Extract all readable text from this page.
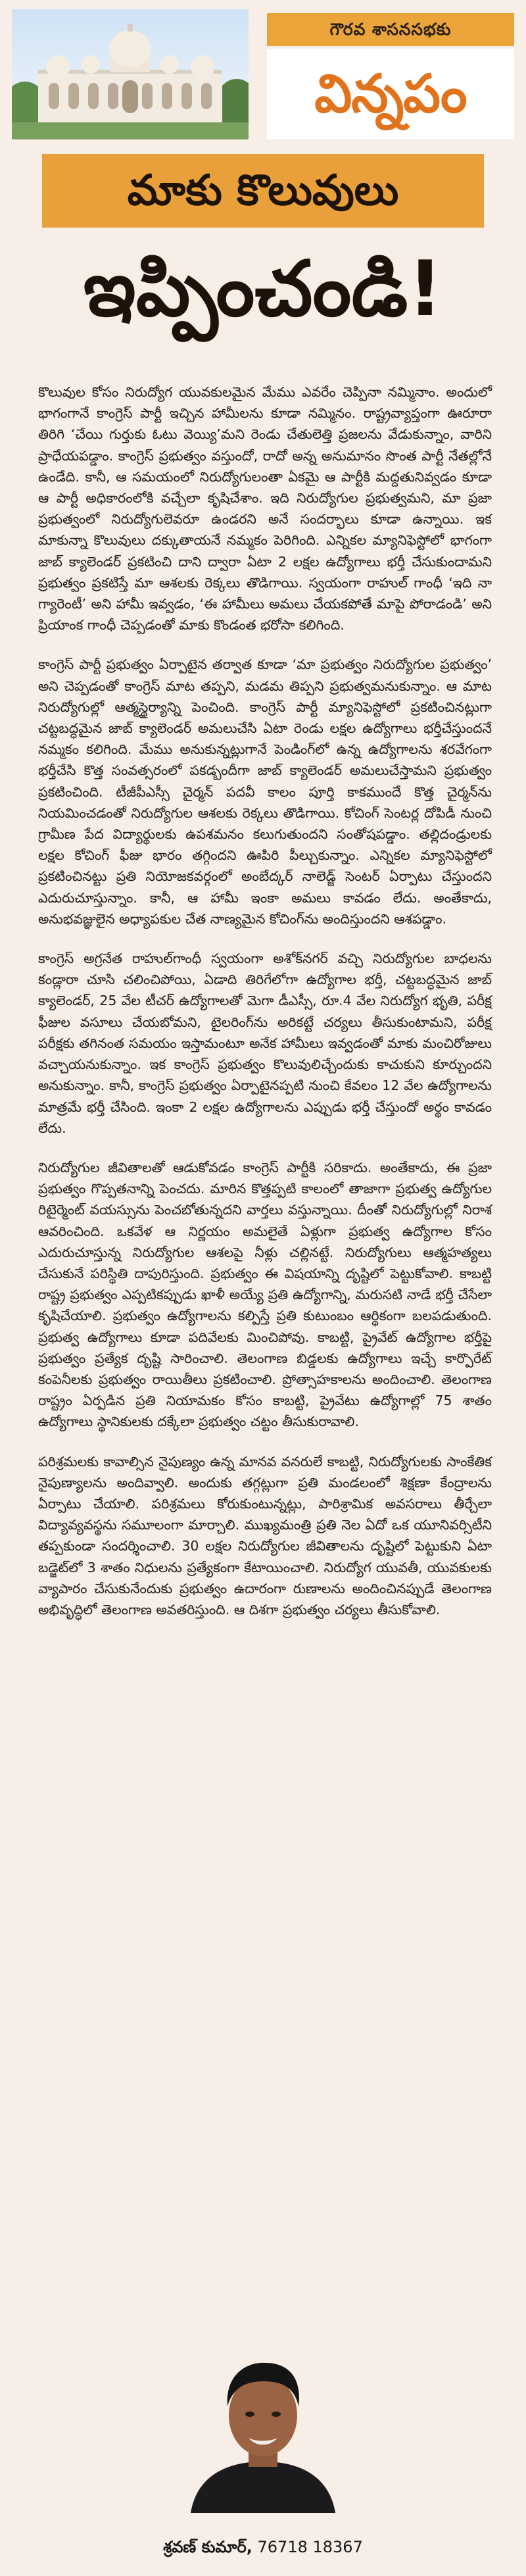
గౌరవ శాసనసభకు
విన్నపం
మాకు కొలువులు
ఇప్పించండి!

కొలువుల కోసం నిరుద్యోగ యువకులమైన మేము ఎవరేం చెప్పినా నమ్మినాం. అందులో భాగంగానే కాంగ్రెస్ పార్టీ ఇచ్చిన హామీలను కూడా నమ్మినం. రాష్ట్రవ్యాప్తంగా ఊరూరా తిరిగి ‘చేయి గుర్తుకు ఓటు వెయ్యి’మని రెండు చేతులెత్తి ప్రజలను వేడుకున్నాం, వారిని ప్రాధేయపడ్డాం. కాంగ్రెస్ ప్రభుత్వం వస్తుందో, రాదో అన్న అనుమానం సొంత పార్టీ నేతల్లోనే ఉండేది. కానీ, ఆ సమయంలో నిరుద్యోగులంతా ఏకమై ఆ పార్టీకి మద్దతునివ్వడం కూడా ఆ పార్టీ అధికారంలోకి వచ్చేలా కృషిచేశాం. ఇది నిరుద్యోగుల ప్రభుత్వమని, మా ప్రజా ప్రభుత్వంలో నిరుద్యోగులెవరూ ఉండరని అనే సందర్భాలు కూడా ఉన్నాయి. ఇక మాకున్నా కొలువులు దక్కుతాయనే నమ్మకం పెరిగింది. ఎన్నికల మ్యానిఫెస్టోలో భాగంగా జాబ్ క్యాలెండర్ ప్రకటించి దాని ద్వారా ఏటా 2 లక్షల ఉద్యోగాలు భర్తీ చేసుకుందామని ప్రభుత్వం ప్రకటిస్తే మా ఆశలకు రెక్కలు తొడిగాయి. స్వయంగా రాహుల్ గాంధీ ‘ఇది నా గ్యారెంటీ’ అని హామీ ఇవ్వడం, ‘ఈ హామీలు అమలు చేయకపోతే మాపై పోరాడండి’ అని ప్రియాంక గాంధీ చెప్పడంతో మాకు కొండంత భరోసా కలిగింది.

కాంగ్రెస్ పార్టీ ప్రభుత్వం ఏర్పాటైన తర్వాత కూడా ‘మా ప్రభుత్వం నిరుద్యోగుల ప్రభుత్వం’ అని చెప్పడంతో కాంగ్రెస్ మాట తప్పని, మడమ తిప్పని ప్రభుత్వమనుకున్నాం. ఆ మాట నిరుద్యోగుల్లో ఆత్మస్థైర్యాన్ని పెంచింది. కాంగ్రెస్ పార్టీ మ్యానిఫెస్టోలో ప్రకటించినట్లుగా చట్టబద్ధమైన జాబ్ క్యాలెండర్ అమలుచేసి ఏటా రెండు లక్షల ఉద్యోగాలు భర్తీచేస్తుందనే నమ్మకం కలిగింది. మేము అనుకున్నట్లుగానే పెండింగ్‌లో ఉన్న ఉద్యోగాలను శరవేగంగా భర్తీచేసి కొత్త సంవత్సరంలో పకడ్బందీగా జాబ్ క్యాలెండర్ అమలుచేస్తామని ప్రభుత్వం ప్రకటించింది. టీజీపీఎస్సీ చైర్మన్ పదవీ కాలం పూర్తి కాకముందే కొత్త చైర్మన్‌ను నియమించడంతో నిరుద్యోగుల ఆశలకు రెక్కలు తొడిగాయి. కోచింగ్ సెంటర్ల దోపిడీ నుంచి గ్రామీణ పేద విద్యార్థులకు ఉపశమనం కలుగుతుందని సంతోషపడ్డాం. తల్లిదండ్రులకు లక్షల కోచింగ్ ఫీజు భారం తగ్గిందని ఊపిరి పీల్చుకున్నాం. ఎన్నికల మ్యానిఫెస్టోలో ప్రకటించినట్టు ప్రతి నియోజకవర్గంలో అంబేద్కర్ నాలెడ్జ్ సెంటర్ ఏర్పాటు చేస్తుందని ఎదురుచూస్తున్నాం. కానీ, ఆ హామీ ఇంకా అమలు కావడం లేదు. అంతేకాదు, అనుభవజ్ఞులైన అధ్యాపకుల చేత నాణ్యమైన కోచింగ్‌ను అందిస్తుందని ఆశపడ్డాం.

కాంగ్రెస్ అగ్రనేత రాహుల్‌గాంధీ స్వయంగా అశోక్‌నగర్ వచ్చి నిరుద్యోగుల బాధలను కండ్లారా చూసి చలించిపోయి, ఏడాది తిరిగేలోగా ఉద్యోగాల భర్తీ, చట్టబద్ధమైన జాబ్ క్యాలెండర్, 25 వేల టీచర్ ఉద్యోగాలతో మెగా డీఎస్సీ, రూ.4 వేల నిరుద్యోగ భృతి, పరీక్ష ఫీజుల వసూలు చేయబోమని, టైలరింగ్‌ను అరికట్టే చర్యలు తీసుకుంటామని, పరీక్ష పరీక్షకు తగినంత సమయం ఇస్తామంటూ అనేక హామీలు ఇవ్వడంతో మాకు మంచిరోజులు వచ్చాయనుకున్నాం. ఇక కాంగ్రెస్ ప్రభుత్వం కొలువులిచ్చేందుకు కాచుకుని కూర్చుందని అనుకున్నాం. కానీ, కాంగ్రెస్ ప్రభుత్వం ఏర్పాటైనప్పటి నుంచి కేవలం 12 వేల ఉద్యోగాలను మాత్రమే భర్తీ చేసింది. ఇంకా 2 లక్షల ఉద్యోగాలను ఎప్పుడు భర్తీ చేస్తుందో అర్థం కావడం లేదు.

నిరుద్యోగుల జీవితాలతో ఆడుకోవడం కాంగ్రెస్ పార్టీకి సరికాదు. అంతేకాదు, ఈ ప్రజా ప్రభుత్వం గొప్పతనాన్ని పెంచదు. మారిన కొత్తప్పటి కాలంలో తాజాగా ప్రభుత్వ ఉద్యోగుల రిటైర్మెంట్ వయస్సును పెంచబోతున్నదని వార్తలు వస్తున్నాయి. దీంతో నిరుద్యోగుల్లో నిరాశ ఆవరించింది. ఒకవేళ ఆ నిర్ణయం అమలైతే ఏళ్లుగా ప్రభుత్వ ఉద్యోగాల కోసం ఎదురుచూస్తున్న నిరుద్యోగుల ఆశలపై నీళ్లు చల్లినట్టే. నిరుద్యోగులు ఆత్మహత్యలు చేసుకునే పరిస్థితి దాపురిస్తుంది. ప్రభుత్వం ఈ విషయాన్ని దృష్టిలో పెట్టుకోవాలి. కాబట్టి రాష్ట్ర ప్రభుత్వం ఎప్పటికప్పుడు ఖాళీ అయ్యే ప్రతి ఉద్యోగాన్ని, మరుసటి నాడే భర్తీ చేసేలా కృషిచేయాలి. ప్రభుత్వం ఉద్యోగాలను కల్పిస్తే ప్రతి కుటుంబం ఆర్థికంగా బలపడుతుంది. ప్రభుత్వ ఉద్యోగాలు కూడా పదివేలకు మించిపోవు. కాబట్టి, ప్రైవేట్ ఉద్యోగాల భర్తీపై ప్రభుత్వం ప్రత్యేక దృష్టి సారించాలి. తెలంగాణ బిడ్డలకు ఉద్యోగాలు ఇచ్చే కార్పొరేట్ కంపెనీలకు ప్రభుత్వం రాయితీలు ప్రకటించాలి. ప్రోత్సాహకాలను అందించాలి. తెలంగాణ రాష్ట్రం ఏర్పడిన ప్రతి నియామకం కోసం కాబట్టి, ప్రైవేటు ఉద్యోగాల్లో 75 శాతం ఉద్యోగాలు స్థానికులకు దక్కేలా ప్రభుత్వం చట్టం తీసుకురావాలి.

పరిశ్రమలకు కావాల్సిన నైపుణ్యం ఉన్న మానవ వనరులే కాబట్టి, నిరుద్యోగులకు సాంకేతిక నైపుణ్యాలను అందివ్వాలి. అందుకు తగ్గట్లుగా ప్రతి మండలంలో శిక్షణా కేంద్రాలను ఏర్పాటు చేయాలి. పరిశ్రమలు కోరుకుంటున్నట్లు, పారిశ్రామిక అవసరాలు తీర్చేలా విద్యావ్యవస్థను సమూలంగా మార్చాలి. ముఖ్యమంత్రి ప్రతి నెల ఏదో ఒక యూనివర్సిటీని తప్పకుండా సందర్శించాలి. 30 లక్షల నిరుద్యోగుల జీవితాలను దృష్టిలో పెట్టుకుని ఏటా బడ్జెట్‌లో 3 శాతం నిధులను ప్రత్యేకంగా కేటాయించాలి. నిరుద్యోగ యువతీ, యువకులకు వ్యాపారం చేసుకునేందుకు ప్రభుత్వం ఉదారంగా రుణాలను అందించినప్పుడే తెలంగాణ అభివృద్ధిలో తెలంగాణ అవతరిస్తుంది. ఆ దిశగా ప్రభుత్వం చర్యలు తీసుకోవాలి.

శ్రవణ్ కుమార్, 76718 18367
